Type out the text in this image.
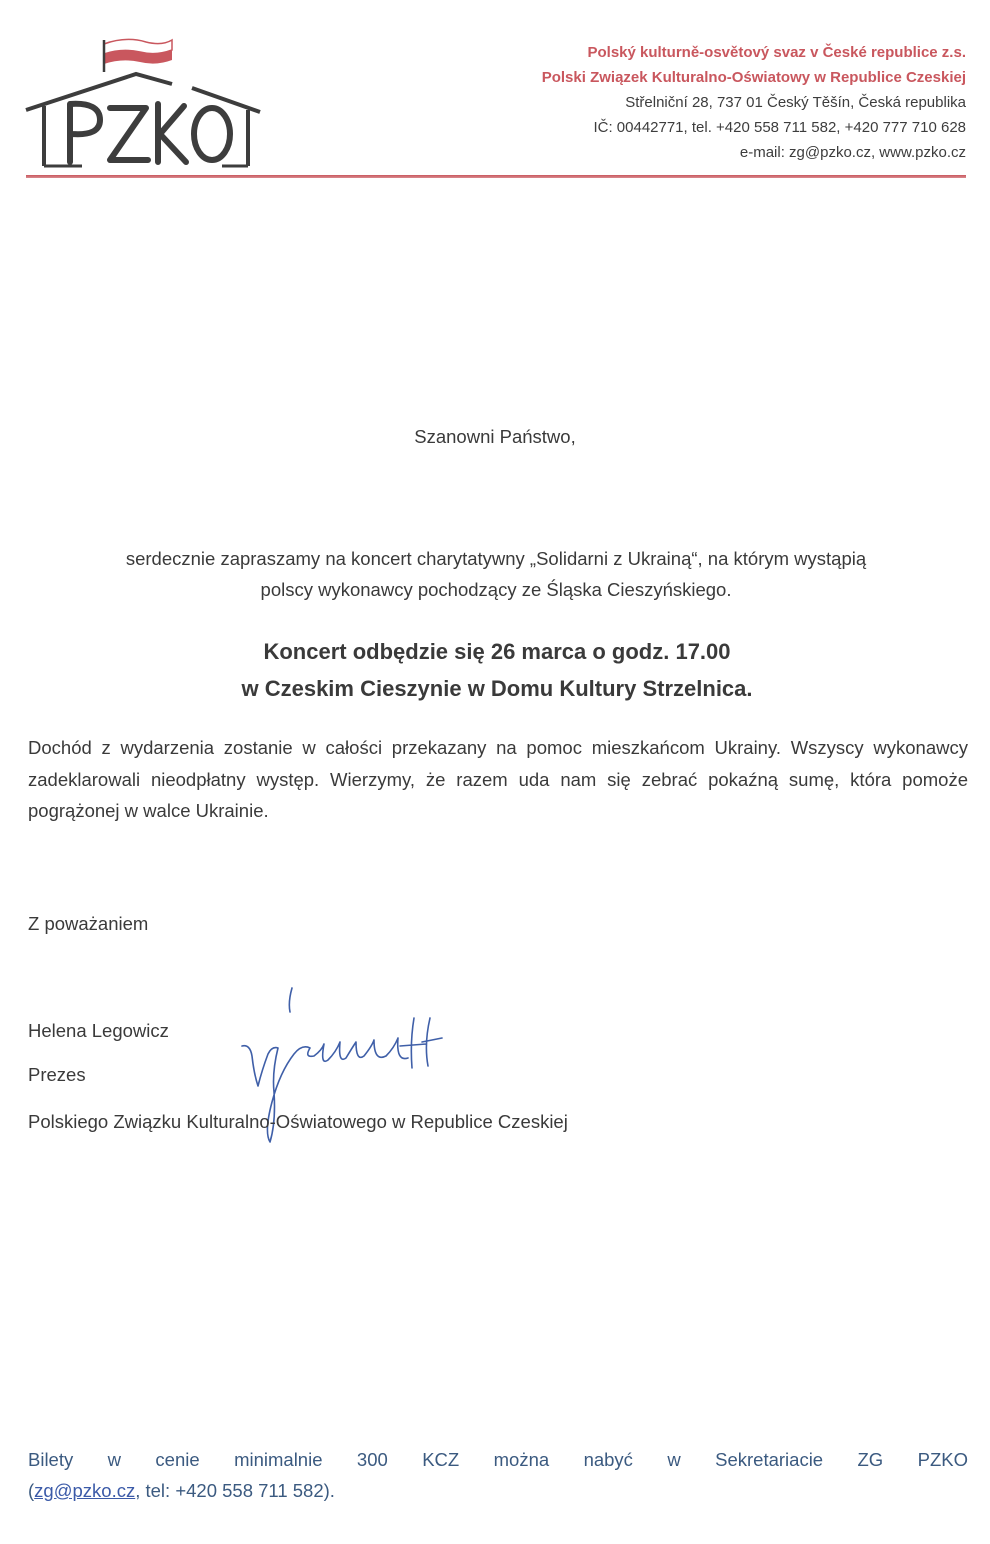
Polský kulturně-osvětový svaz v České republice z.s.
Polski Związek Kulturalno-Oświatowy w Republice Czeskiej
Střelniční 28, 737 01 Český Těšín, Česká republika
IČ: 00442771, tel. +420 558 711 582, +420 777 710 628
e-mail: zg@pzko.cz, www.pzko.cz
Szanowni Państwo,
serdecznie zapraszamy na koncert charytatywny „Solidarni z Ukrainą“, na którym wystąpią
polscy wykonawcy pochodzący ze Śląska Cieszyńskiego.
Koncert odbędzie się 26 marca o godz. 17.00
w Czeskim Cieszynie w Domu Kultury Strzelnica.
Dochód z wydarzenia zostanie w całości przekazany na pomoc mieszkańcom Ukrainy. Wszyscy wykonawcy zadeklarowali nieodpłatny występ. Wierzymy, że razem uda nam się zebrać pokaźną sumę, która pomoże pogrążonej w walce Ukrainie.
Z poważaniem
Helena Legowicz
Prezes
Polskiego Związku Kulturalno-Oświatowego w Republice Czeskiej
Bilety w cenie minimalnie 300 KCZ można nabyć w Sekretariacie ZG PZKO
(zg@pzko.cz, tel: +420 558 711 582).
